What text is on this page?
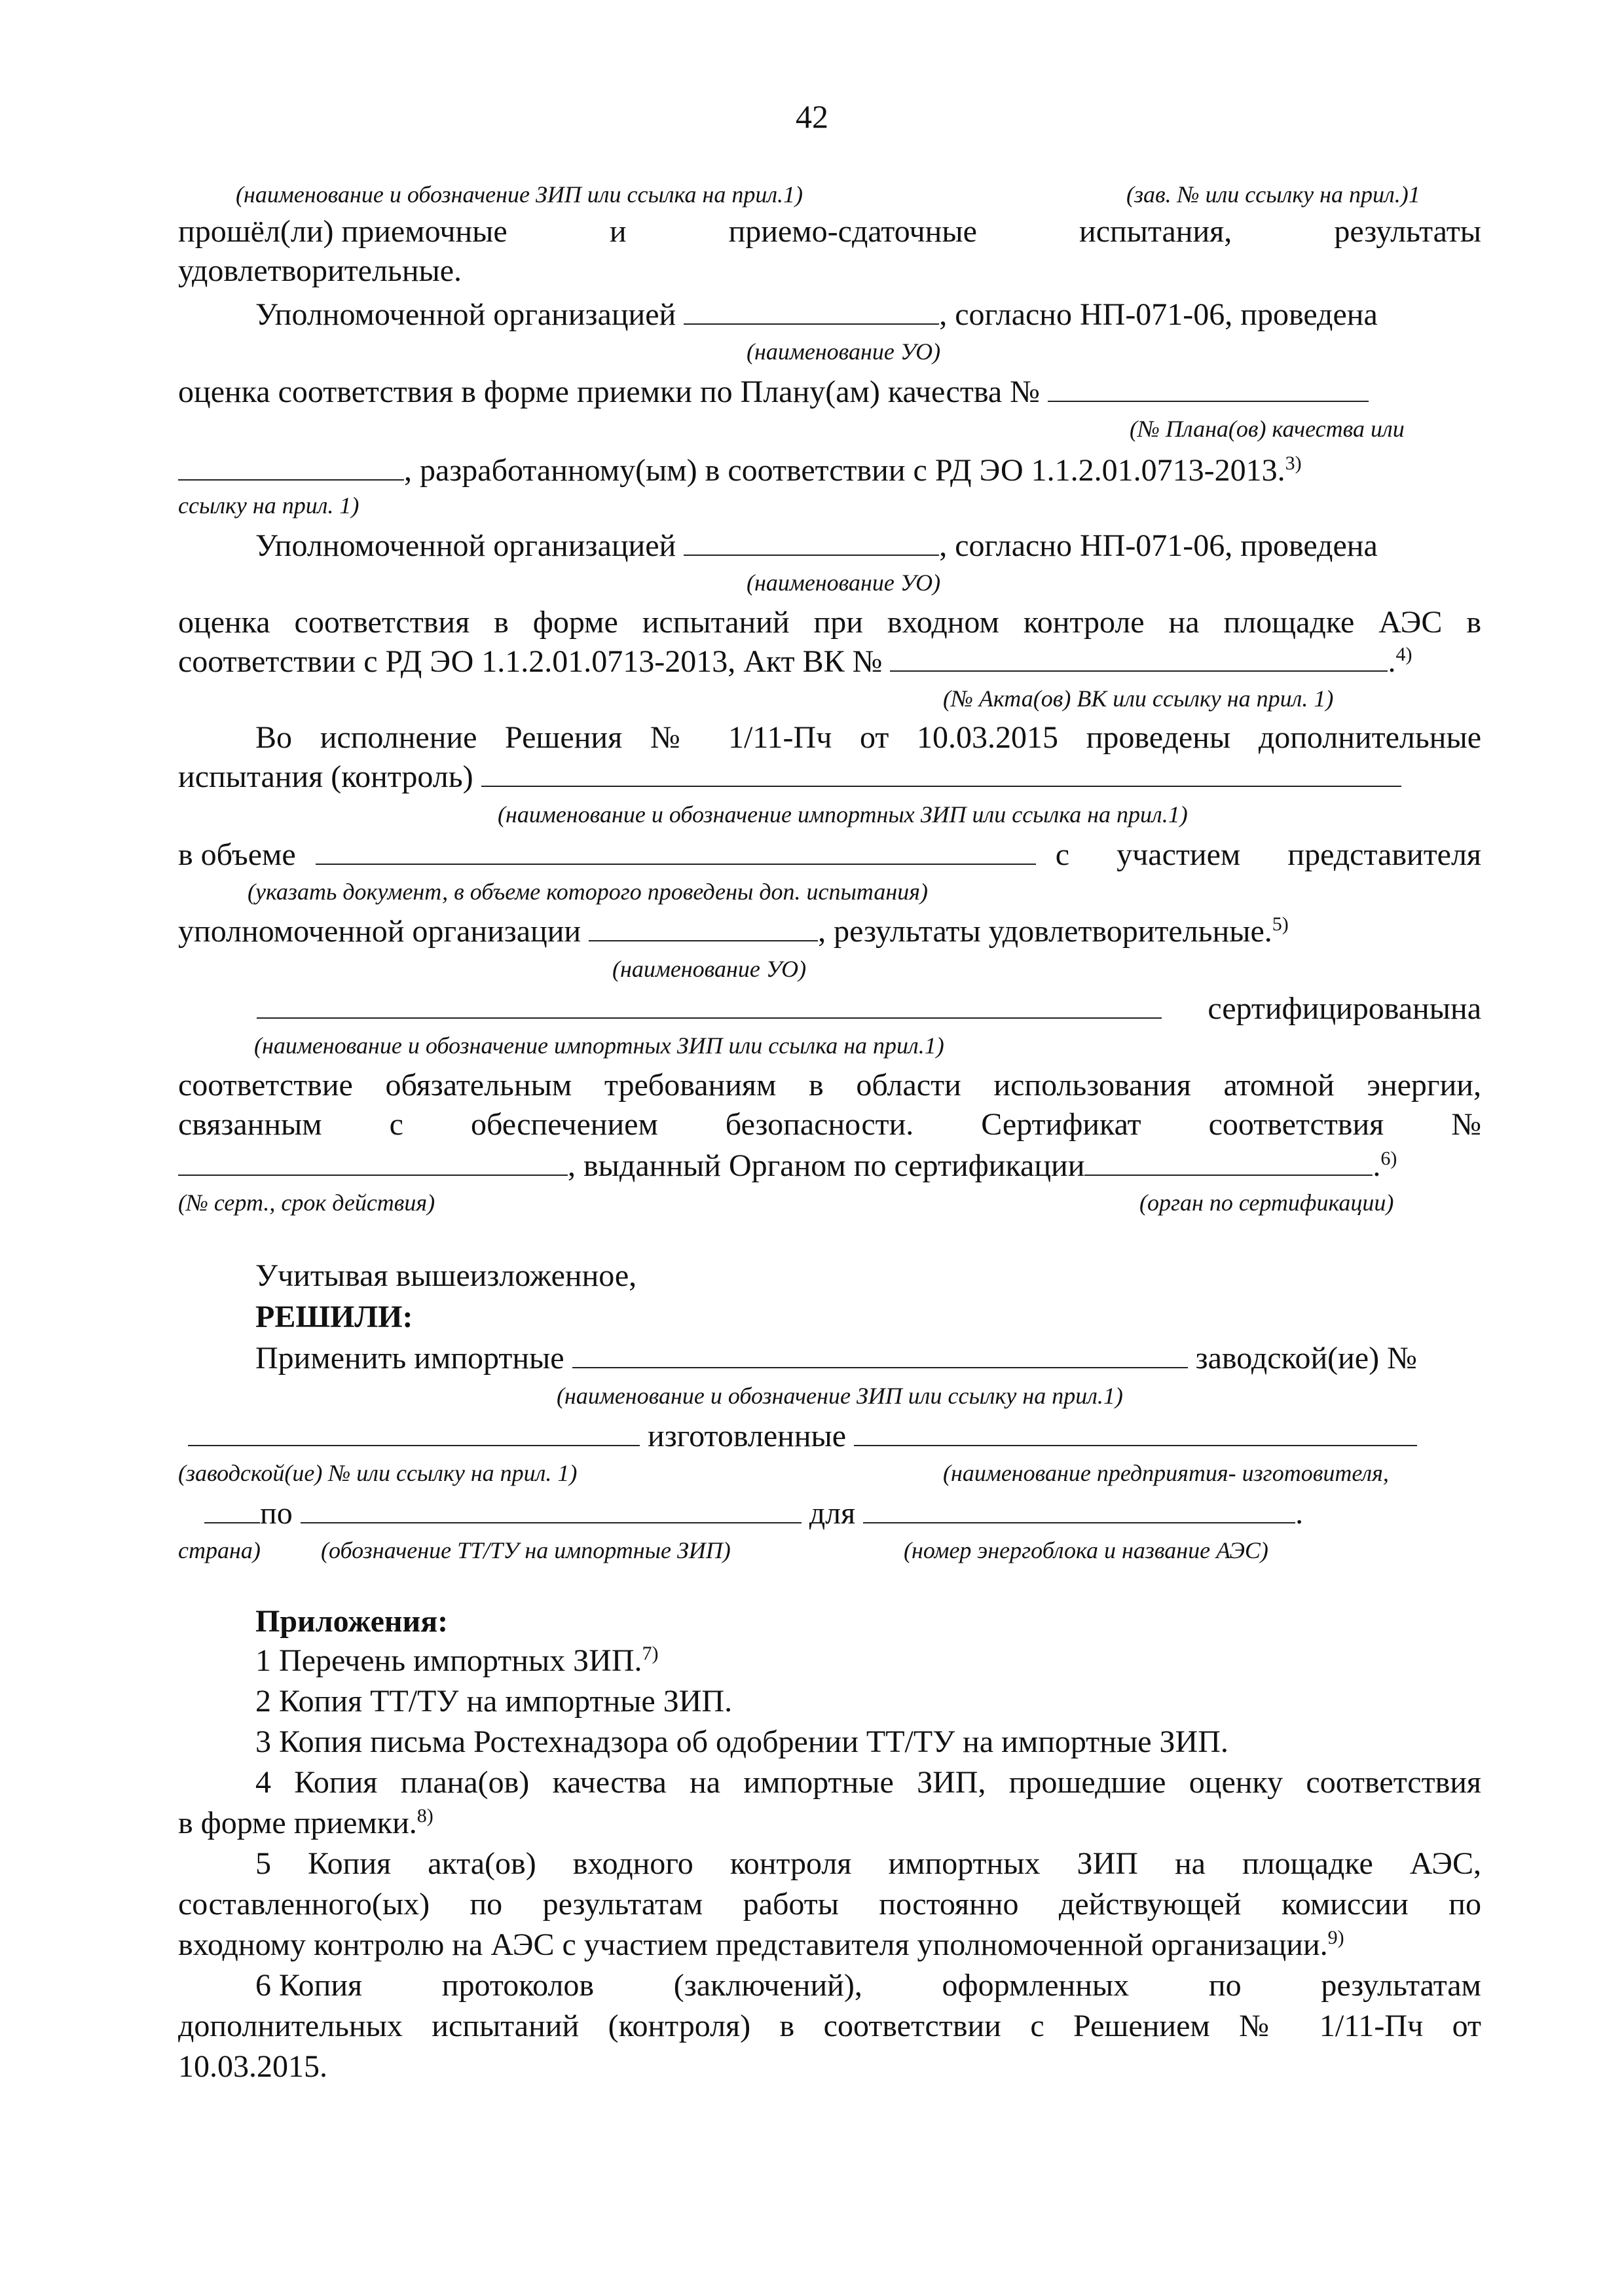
42
(наименование и обозначение ЗИП или ссылка на прил.1)	(зав. № или ссылку на прил.)1
прошёл(ли) приемочные	и	приемо-сдаточные	испытания,	результаты
удовлетворительные.
Уполномоченной организацией	, согласно НП-071-06, проведена
(наименование УО)
оценка соответствия в форме приемки по Плану(ам) качества №
(№ Плана(ов) качества или
, разработанному(ым) в соответствии с РД ЭО 1.1.2.01.0713-2013.$^{3)}$
ссылку на прил. 1)
Уполномоченной организацией	, согласно НП-071-06, проведена
(наименование УО)
оценка соответствия в форме испытаний при входном контроле на площадке АЭС в
соответствии с РД ЭО 1.1.2.01.0713-2013, Акт ВК №	.$^{4)}$
(№ Акта(ов) ВК или ссылку на прил. 1)
Во исполнение Решения № 1/11-Пч от 10.03.2015 проведены дополнительные
испытания (контроль)
(наименование и обозначение импортных ЗИП или ссылка на прил.1)
в объеме	с участием представителя
(указать документ, в объеме которого проведены доп. испытания)
уполномоченной организации	, результаты удовлетворительные.$^{5)}$
(наименование УО)
сертифицированы на
(наименование и обозначение импортных ЗИП или ссылка на прил.1)
соответствие обязательным требованиям в области использования атомной энергии,
связанным с обеспечением безопасности. Сертификат соответствия №
, выданный Органом по сертификации	.$^{6)}$
(№ серт., срок действия)	(орган по сертификации)
Учитывая вышеизложенное,
РЕШИЛИ:
Применить импортные	заводской(ие) №
(наименование и обозначение ЗИП или ссылку на прил.1)
изготовленные
(заводской(ие) № или ссылку на прил. 1)	(наименование предприятия- изготовителя,
по	для	.
страна)	(обозначение ТТ/ТУ на импортные ЗИП)	(номер энергоблока и название АЭС)
Приложения:
1 Перечень импортных ЗИП.$^{7)}$
2 Копия ТТ/ТУ на импортные ЗИП.
3 Копия письма Ростехнадзора об одобрении ТТ/ТУ на импортные ЗИП.
4 Копия плана(ов) качества на импортные ЗИП, прошедшие оценку соответствия
в форме приемки.$^{8)}$
5 Копия акта(ов) входного контроля импортных ЗИП на площадке АЭС,
составленного(ых) по результатам работы постоянно действующей комиссии по
входному контролю на АЭС с участием представителя уполномоченной организации.$^{9)}$
6 Копия	протоколов	(заключений),	оформленных	по	результатам
дополнительных испытаний (контроля) в соответствии с Решением № 1/11-Пч от
10.03.2015.
